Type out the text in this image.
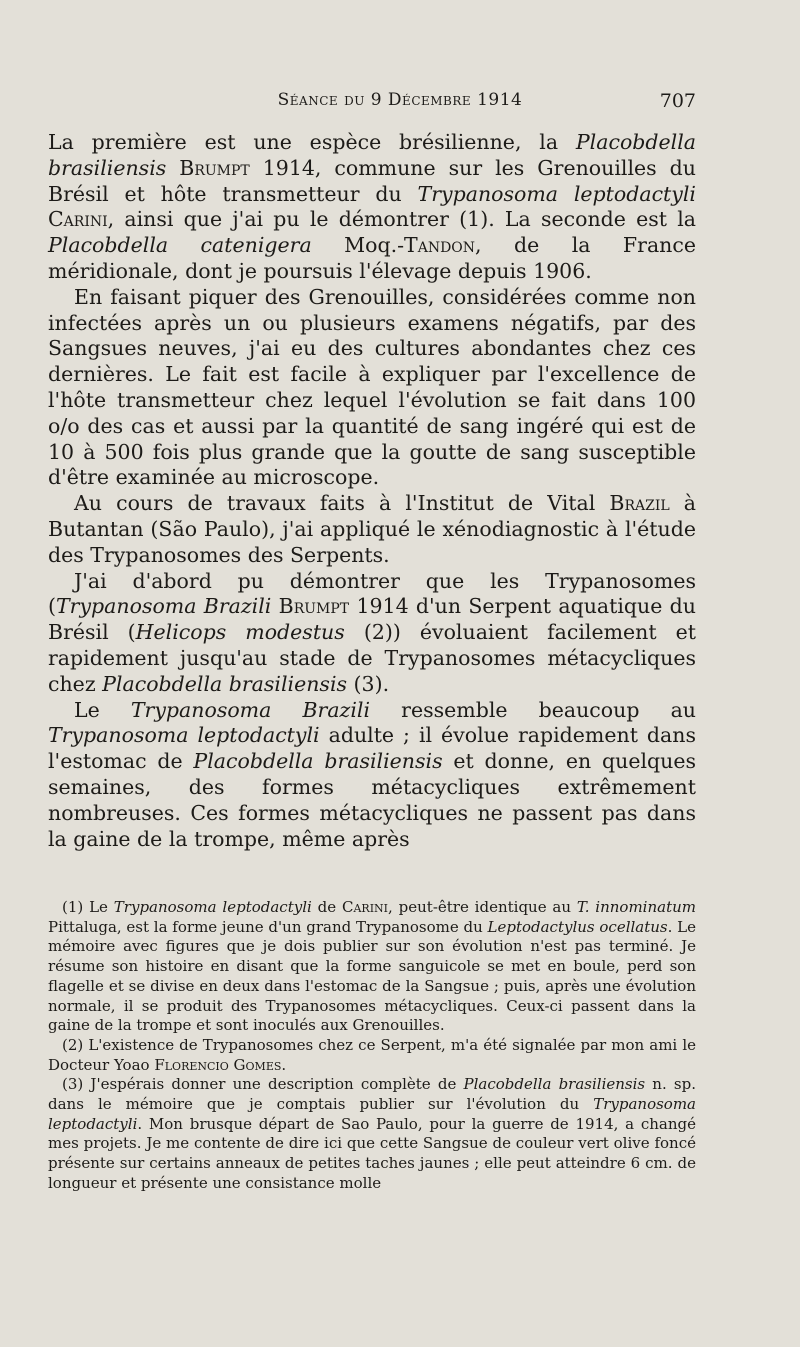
Séance du 9 Décembre 1914	707

La première est une espèce brésilienne, la Placobdella brasiliensis Brumpt 1914, commune sur les Grenouilles du Brésil et hôte transmetteur du Trypanosoma leptodactyli Carini, ainsi que j'ai pu le démontrer (1). La seconde est la Placobdella catenigera Moq.-Tandon, de la France méridionale, dont je poursuis l'élevage depuis 1906.

En faisant piquer des Grenouilles, considérées comme non infectées après un ou plusieurs examens négatifs, par des Sangsues neuves, j'ai eu des cultures abondantes chez ces dernières. Le fait est facile à expliquer par l'excellence de l'hôte transmetteur chez lequel l'évolution se fait dans 100 o/o des cas et aussi par la quantité de sang ingéré qui est de 10 à 500 fois plus grande que la goutte de sang susceptible d'être examinée au microscope.

Au cours de travaux faits à l'Institut de Vital Brazil à Butantan (São Paulo), j'ai appliqué le xénodiagnostic à l'étude des Trypanosomes des Serpents.

J'ai d'abord pu démontrer que les Trypanosomes (Trypanosoma Brazili Brumpt 1914 d'un Serpent aquatique du Brésil (Helicops modestus (2)) évoluaient facilement et rapidement jusqu'au stade de Trypanosomes métacycliques chez Placobdella brasiliensis (3).

Le Trypanosoma Brazili ressemble beaucoup au Trypanosoma leptodactyli adulte ; il évolue rapidement dans l'estomac de Placobdella brasiliensis et donne, en quelques semaines, des formes métacycliques extrêmement nombreuses. Ces formes métacycliques ne passent pas dans la gaine de la trompe, même après

(1) Le Trypanosoma leptodactyli de Carini, peut-être identique au T. innominatum Pittaluga, est la forme jeune d'un grand Trypanosome du Leptodactylus ocellatus. Le mémoire avec figures que je dois publier sur son évolution n'est pas terminé. Je résume son histoire en disant que la forme sanguicole se met en boule, perd son flagelle et se divise en deux dans l'estomac de la Sangsue ; puis, après une évolution normale, il se produit des Trypanosomes métacycliques. Ceux-ci passent dans la gaine de la trompe et sont inoculés aux Grenouilles.

(2) L'existence de Trypanosomes chez ce Serpent, m'a été signalée par mon ami le Docteur Yoao Florencio Gomes.

(3) J'espérais donner une description complète de Placobdella brasiliensis n. sp. dans le mémoire que je comptais publier sur l'évolution du Trypanosoma leptodactyli. Mon brusque départ de Sao Paulo, pour la guerre de 1914, a changé mes projets. Je me contente de dire ici que cette Sangsue de couleur vert olive foncé présente sur certains anneaux de petites taches jaunes ; elle peut atteindre 6 cm. de longueur et présente une consistance molle
